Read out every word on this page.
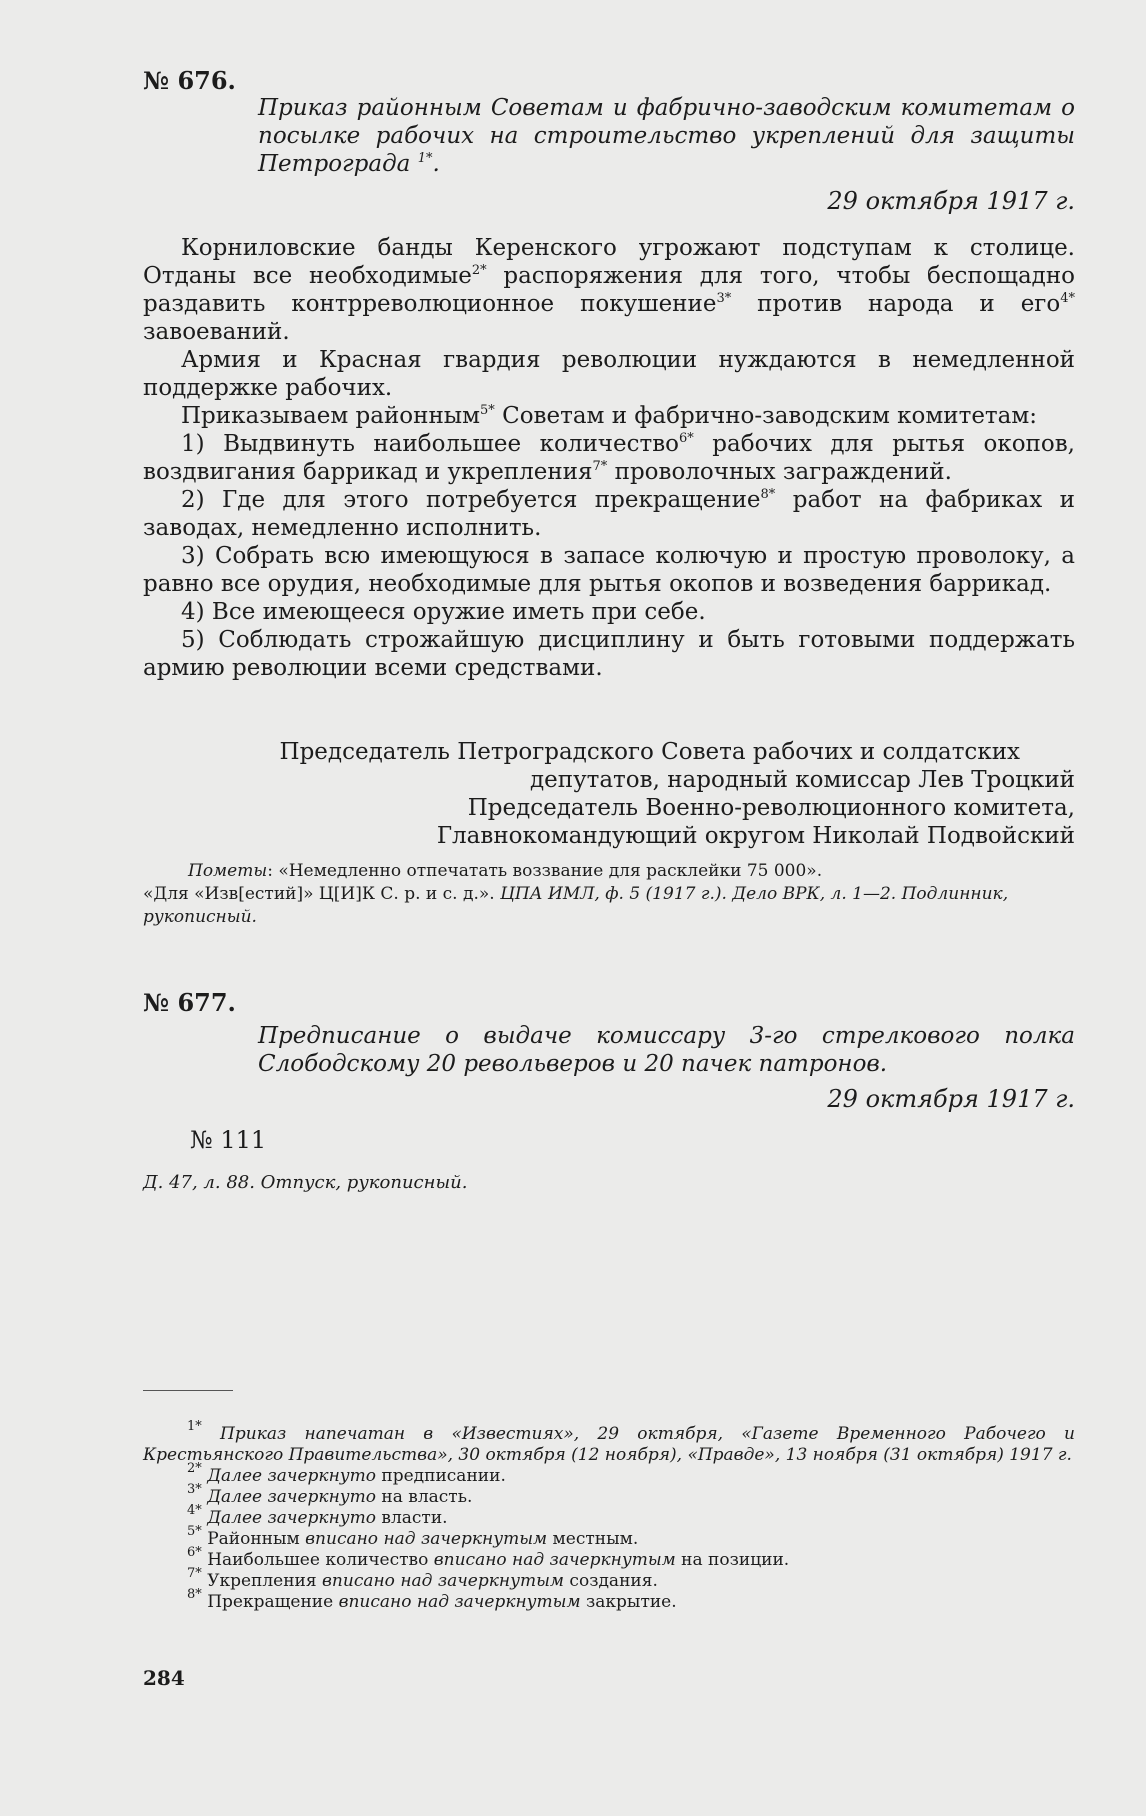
№ 676.
Приказ районным Советам и фабрично-заводским комитетам о посылке рабочих на строительство укреплений для защиты Петрограда $^{1*}$.
29 октября 1917 г.

Корниловские банды Керенского угрожают подступам к столице. Отданы все необходимые$^{2*}$ распоряжения для того, чтобы беспощадно раздавить контрреволюционное покушение$^{3*}$ против народа и его$^{4*}$ завоеваний.

Армия и Красная гвардия революции нуждаются в немедленной поддержке рабочих.

Приказываем районным$^{5*}$ Советам и фабрично-заводским комитетам:

1) Выдвинуть наибольшее количество$^{6*}$ рабочих для рытья окопов, воздвигания баррикад и укрепления$^{7*}$ проволочных заграждений.

2) Где для этого потребуется прекращение$^{8*}$ работ на фабриках и заводах, немедленно исполнить.

3) Собрать всю имеющуюся в запасе колючую и простую проволоку, а равно все орудия, необходимые для рытья окопов и возведения баррикад.

4) Все имеющееся оружие иметь при себе.

5) Соблюдать строжайшую дисциплину и быть готовыми поддержать армию революции всеми средствами.

Председатель Петроградского Совета рабочих и солдатских
депутатов, народный комиссар Лев Троцкий
Председатель Военно-революционного комитета,
Главнокомандующий округом Николай Подвойский
Пометы: «Немедленно отпечатать воззвание для расклейки 75 000».
«Для «Изв[естий]» Ц[И]К С. р. и с. д.». ЦПА ИМЛ, ф. 5 (1917 г.). Дело ВРК, л. 1—2. Подлинник, рукописный.
№ 677.
Предписание о выдаче комиссару 3-го стрелкового полка Слободскому 20 револьверов и 20 пачек патронов.
29 октября 1917 г.
№ 111
Д. 47, л. 88. Отпуск, рукописный.

$^{1*}$ Приказ напечатан в «Известиях», 29 октября, «Газете Временного Рабочего и Крестьянского Правительства», 30 октября (12 ноября), «Правде», 13 ноября (31 октября) 1917 г.

$^{2*}$ Далее зачеркнуто предписании.

$^{3*}$ Далее зачеркнуто на власть.

$^{4*}$ Далее зачеркнуто власти.

$^{5*}$ Районным вписано над зачеркнутым местным.

$^{6*}$ Наибольшее количество вписано над зачеркнутым на позиции.

$^{7*}$ Укрепления вписано над зачеркнутым создания.

$^{8*}$ Прекращение вписано над зачеркнутым закрытие.

284
